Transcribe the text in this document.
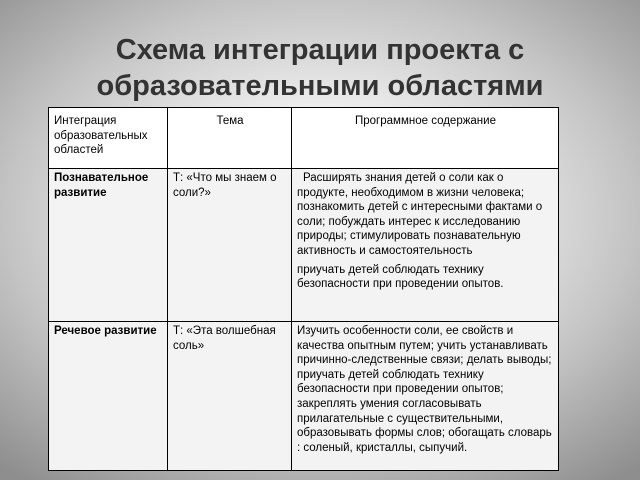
Схема интеграции проекта с
образовательными областями
Интеграция образовательных областей	Тема	Программное содержание
Познавательное развитие	Т: «Что мы знаем о соли?»	Расширять знания детей о соли как о продукте, необходимом в жизни человека; познакомить детей с интересными фактами о соли; побуждать интерес к исследованию природы; стимулировать познавательную активность и самостоятельность

приучать детей соблюдать технику безопасности при проведении опытов.

Речевое развитие	Т: «Эта волшебная соль»	Изучить особенности соли, ее свойств и качества опытным путем; учить устанавливать причинно-следственные связи; делать выводы; приучать детей соблюдать технику безопасности при проведении опытов; закреплять умения согласовывать прилагательные с существительными, образовывать формы слов; обогащать словарь : соленый, кристаллы, сыпучий.
